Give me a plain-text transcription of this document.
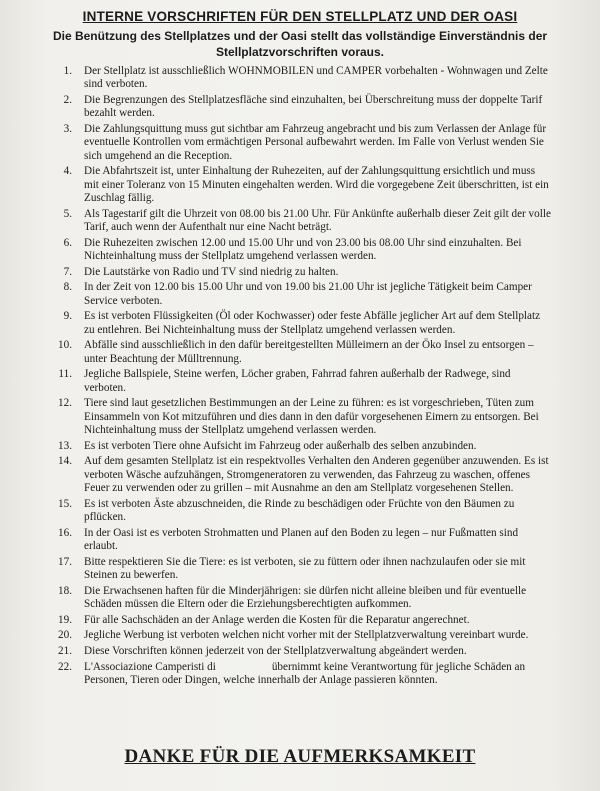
INTERNE VORSCHRIFTEN FÜR DEN STELLPLATZ UND DER OASI

Die Benützung des Stellplatzes und der Oasi stellt das vollständige Einverständnis der Stellplatzvorschriften voraus.

1. Der Stellplatz ist ausschließlich WOHNMOBILEN und CAMPER vorbehalten - Wohnwagen und Zelte sind verboten.
2. Die Begrenzungen des Stellplatzesfläche sind einzuhalten, bei Überschreitung muss der doppelte Tarif bezahlt werden.
3. Die Zahlungsquittung muss gut sichtbar am Fahrzeug angebracht und bis zum Verlassen der Anlage für eventuelle Kontrollen vom ermächtigen Personal aufbewahrt werden. Im Falle von Verlust wenden Sie sich umgehend an die Reception.
4. Die Abfahrtszeit ist, unter Einhaltung der Ruhezeiten, auf der Zahlungsquittung ersichtlich und muss mit einer Toleranz von 15 Minuten eingehalten werden. Wird die vorgegebene Zeit überschritten, ist ein Zuschlag fällig.
5. Als Tagestarif gilt die Uhrzeit von 08.00 bis 21.00 Uhr. Für Ankünfte außerhalb dieser Zeit gilt der volle Tarif, auch wenn der Aufenthalt nur eine Nacht beträgt.
6. Die Ruhezeiten zwischen 12.00 und 15.00 Uhr und von 23.00 bis 08.00 Uhr sind einzuhalten. Bei Nichteinhaltung muss der Stellplatz umgehend verlassen werden.
7. Die Lautstärke von Radio und TV sind niedrig zu halten.
8. In der Zeit von 12.00 bis 15.00 Uhr und von 19.00 bis 21.00 Uhr ist jegliche Tätigkeit beim Camper Service verboten.
9. Es ist verboten Flüssigkeiten (Öl oder Kochwasser) oder feste Abfälle jeglicher Art auf dem Stellplatz zu entlehren. Bei Nichteinhaltung muss der Stellplatz umgehend verlassen werden.
10. Abfälle sind ausschließlich in den dafür bereitgestellten Mülleimern an der Öko Insel zu entsorgen – unter Beachtung der Mülltrennung.
11. Jegliche Ballspiele, Steine werfen, Löcher graben, Fahrrad fahren außerhalb der Radwege, sind verboten.
12. Tiere sind laut gesetzlichen Bestimmungen an der Leine zu führen: es ist vorgeschrieben, Tüten zum Einsammeln von Kot mitzuführen und dies dann in den dafür vorgesehenen Eimern zu entsorgen. Bei Nichteinhaltung muss der Stellplatz umgehend verlassen werden.
13. Es ist verboten Tiere ohne Aufsicht im Fahrzeug oder außerhalb des selben anzubinden.
14. Auf dem gesamten Stellplatz ist ein respektvolles Verhalten den Anderen gegenüber anzuwenden. Es ist verboten Wäsche aufzuhängen, Stromgeneratoren zu verwenden, das Fahrzeug zu waschen, offenes Feuer zu verwenden oder zu grillen – mit Ausnahme an den am Stellplatz vorgesehenen Stellen.
15. Es ist verboten Äste abzuschneiden, die Rinde zu beschädigen oder Früchte von den Bäumen zu pflücken.
16. In der Oasi ist es verboten Strohmatten und Planen auf den Boden zu legen – nur Fußmatten sind erlaubt.
17. Bitte respektieren Sie die Tiere: es ist verboten, sie zu füttern oder ihnen nachzulaufen oder sie mit Steinen zu bewerfen.
18. Die Erwachsenen haften für die Minderjährigen: sie dürfen nicht alleine bleiben und für eventuelle Schäden müssen die Eltern oder die Erziehungsberechtigten aufkommen.
19. Für alle Sachschäden an der Anlage werden die Kosten für die Reparatur angerechnet.
20. Jegliche Werbung ist verboten welchen nicht vorher mit der Stellplatzverwaltung vereinbart wurde.
21. Diese Vorschriften können jederzeit von der Stellplatzverwaltung abgeändert werden.
22. L'Associazione Camperisti di                    übernimmt keine Verantwortung für jegliche Schäden an Personen, Tieren oder Dingen, welche innerhalb der Anlage passieren könnten.
DANKE FÜR DIE AUFMERKSAMKEIT
